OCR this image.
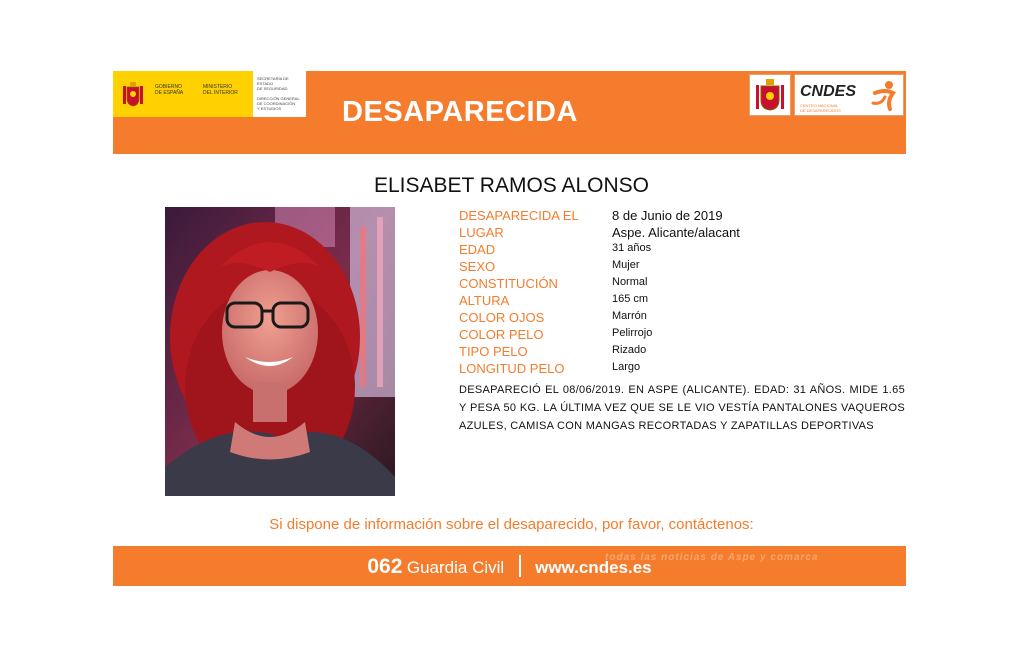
GOBIERNO
DE ESPAÑA
MINISTERIO
DEL INTERIOR
SECRETARÍA DE ESTADO
DE SEGURIDAD

DIRECCIÓN GENERAL
DE COORDINACIÓN
Y ESTUDIOS	DESAPARECIDA
CNDES
CENTRO NACIONAL
DE DESAPARECIDOS
ELISABET RAMOS ALONSO
DESAPARECIDA EL	8 de Junio de 2019
LUGAR	Aspe. Alicante/alacant
EDAD	31 años
SEXO	Mujer
CONSTITUCIÓN	Normal
ALTURA	165 cm
COLOR OJOS	Marrón
COLOR PELO	Pelirrojo
TIPO PELO	Rizado
LONGITUD PELO	Largo
DESAPARECIÓ EL 08/06/2019. EN ASPE (ALICANTE). EDAD: 31 AÑOS. MIDE 1.65 Y PESA 50 KG. LA ÚLTIMA VEZ QUE SE LE VIO VESTÍA PANTALONES VAQUEROS AZULES, CAMISA CON MANGAS RECORTADAS Y ZAPATILLAS DEPORTIVAS
Si dispone de información sobre el desaparecido, por favor, contáctenos:
062 Guardia Civil www.cndes.es
todas las noticias de Aspe y comarca
